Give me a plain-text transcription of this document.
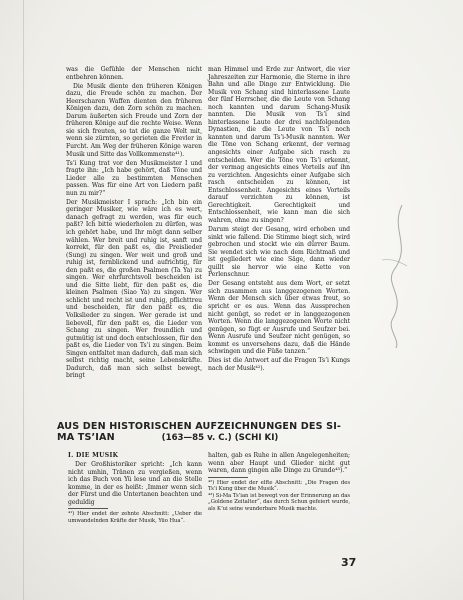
was die Gefühle der Menschen nicht entbehren können.

Die Musik diente den früheren Königen dazu, die Freude schön zu machen. Der Heerscharen Waffen dienten den früheren Königen dazu, den Zorn schön zu machen. Darum äußerten sich Freude und Zorn der früheren Könige auf die rechte Weise. Wenn sie sich freuten, so tat die ganze Welt mit, wenn sie zürnten, so gerieten die Frevler in Furcht. Am Weg der früheren Könige waren Musik und Sitte das Vollkommenste⁴¹).

Tsʼi Kung trat vor den Musikmeister I und fragte ihn: „Ich habe gehört, daß Töne und Lieder alle zu bestimmten Menschen passen. Was für eine Art von Liedern paßt nun zu mir?“

Der Musikmeister I sprach: „Ich bin ein geringer Musiker, wie wäre ich es wert, danach gefragt zu werden, was für euch paßt? Ich bitte wiederholen zu dürfen, was ich gehört habe, und Ihr mögt dann selber wählen. Wer breit und ruhig ist, sanft und korrekt, für den paßt es, die Preislieder (Sung) zu singen. Wer weit und groß und ruhig ist, fernblickend und aufrichtig, für den paßt es, die großen Psalmen (Ta Ya) zu singen. Wer ehrfurchtsvoll bescheiden ist und die Sitte liebt, für den paßt es, die kleinen Psalmen (Siao Ya) zu singen. Wer schlicht und recht ist und ruhig, pflichttreu und bescheiden, für den paßt es, die Volkslieder zu singen. Wer gerade ist und liebevoll, für den paßt es, die Lieder von Schang zu singen. Wer freundlich und gutmütig ist und doch entschlossen, für den paßt es, die Lieder von Tsʼi zu singen. Beim Singen entfaltet man dadurch, daß man sich selbst richtig macht, seine Lebenskräfte. Dadurch, daß man sich selbst bewegt, bringt

man Himmel und Erde zur Antwort, die vier Jahreszeiten zur Harmonie, die Sterne in ihre Bahn und alle Dinge zur Entwicklung. Die Musik von Schang sind hinterlassene Laute der fünf Herrscher, die die Leute von Schang noch kannten und darum Schang-Musik nannten. Die Musik von Tsʼi sind hinterlassene Laute der drei nachfolgenden Dynastien, die die Leute von Tsʼi noch kannten und darum Tsʼi-Musik nannten. Wer die Töne von Schang erkennt, der vermag angesichts einer Aufgabe sich rasch zu entscheiden. Wer die Töne von Tsʼi erkennt, der vermag angesichts eines Vorteils auf ihn zu verzichten. Angesichts einer Aufgabe sich rasch entscheiden zu können, ist Entschlossenheit. Angesichts eines Vorteils darauf verzichten zu können, ist Gerechtigkeit. Gerechtigkeit und Entschlossenheit, wie kann man die sich wahren, ohne zu singen?

Darum steigt der Gesang, wird erhoben und sinkt wie fallend. Die Stimme biegt sich, wird gebrochen und stockt wie ein dürrer Baum. Sie wendet sich wie nach dem Richtmaß und ist gegliedert wie eine Säge, dann wieder quillt sie hervor wie eine Kette von Perlenschnur.

Der Gesang entsteht aus dem Wort, er setzt sich zusammen aus langgezogenen Worten. Wenn der Mensch sich über etwas freut, so spricht er es aus. Wenn das Aussprechen nicht genügt, so redet er in langgezogenen Worten. Wenn die langgezogenen Worte nicht genügen, so fügt er Ausrufe und Seufzer bei. Wenn Ausrufe und Seufzer nicht genügen, so kommt es unversehens dazu, daß die Hände schwingen und die Füße tanzen.“

Dies ist die Antwort auf die Fragen Tsʼi Kungs nach der Musik⁴²).

AUS DEN HISTORISCHEN AUFZEICHNUNGEN DES SI-MA TSʼIAN	(163—85 v. C.) (SCHI KI)
I. DIE MUSIK

Der Großhistoriker spricht: „Ich kann nicht umhin, Tränen zu vergießen, wenn ich das Buch von Yü lese und an die Stelle komme, in der es heißt: ‚Immer wenn sich der Fürst und die Untertanen beachten und geduldig

⁴¹) Hier endet der zehnte Abschnitt: „Ueber die umwandelnden Kräfte der Musik, Yüo Hua“.

halten, gab es Ruhe in allen Angelegenheiten; wenn aber Haupt und Glieder nicht gut waren, dann gingen alle Dinge zu Grunde⁴³).“

⁴²) Hier endet der elfte Abschnitt: „Die Fragen des Tsʼi Kung über die Musik“.
⁴³) Si-Ma Tsʼian ist bewegt von der Erinnerung an das „Goldene Zeitalter“, das durch Schun gefeiert wurde, als Kʼui seine wunderbare Musik machte.
37
